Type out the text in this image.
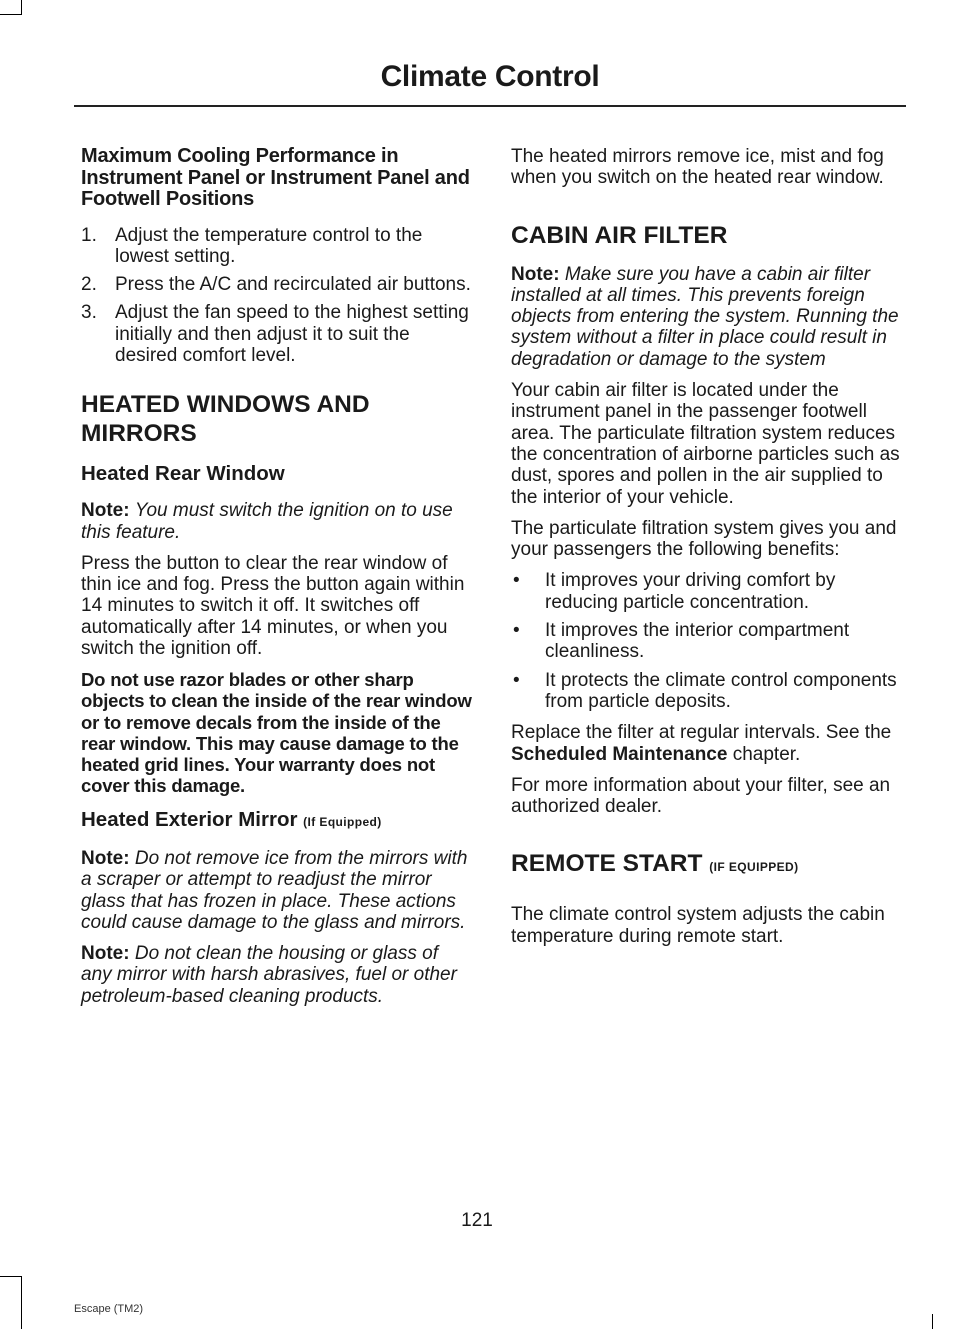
Climate Control
Maximum Cooling Performance in Instrument Panel or Instrument Panel and Footwell Positions
1. Adjust the temperature control to the lowest setting.
2. Press the A/C and recirculated air buttons.
3. Adjust the fan speed to the highest setting initially and then adjust it to suit the desired comfort level.
HEATED WINDOWS AND MIRRORS
Heated Rear Window

Note: You must switch the ignition on to use this feature.

Press the button to clear the rear window of thin ice and fog. Press the button again within 14 minutes to switch it off. It switches off automatically after 14 minutes, or when you switch the ignition off.

Do not use razor blades or other sharp objects to clean the inside of the rear window or to remove decals from the inside of the rear window. This may cause damage to the heated grid lines. Your warranty does not cover this damage.
Heated Exterior Mirror (If Equipped)

Note: Do not remove ice from the mirrors with a scraper or attempt to readjust the mirror glass that has frozen in place. These actions could cause damage to the glass and mirrors.

Note: Do not clean the housing or glass of any mirror with harsh abrasives, fuel or other petroleum-based cleaning products.

The heated mirrors remove ice, mist and fog when you switch on the heated rear window.

CABIN AIR FILTER

Note: Make sure you have a cabin air filter installed at all times. This prevents foreign objects from entering the system. Running the system without a filter in place could result in degradation or damage to the system

Your cabin air filter is located under the instrument panel in the passenger footwell area. The particulate filtration system reduces the concentration of airborne particles such as dust, spores and pollen in the air supplied to the interior of your vehicle.

The particulate filtration system gives you and your passengers the following benefits:

• It improves your driving comfort by reducing particle concentration.
• It improves the interior compartment cleanliness.
• It protects the climate control components from particle deposits.

Replace the filter at regular intervals. See the Scheduled Maintenance chapter.

For more information about your filter, see an authorized dealer.

REMOTE START (IF EQUIPPED)

The climate control system adjusts the cabin temperature during remote start.

121
Escape (TM2)
